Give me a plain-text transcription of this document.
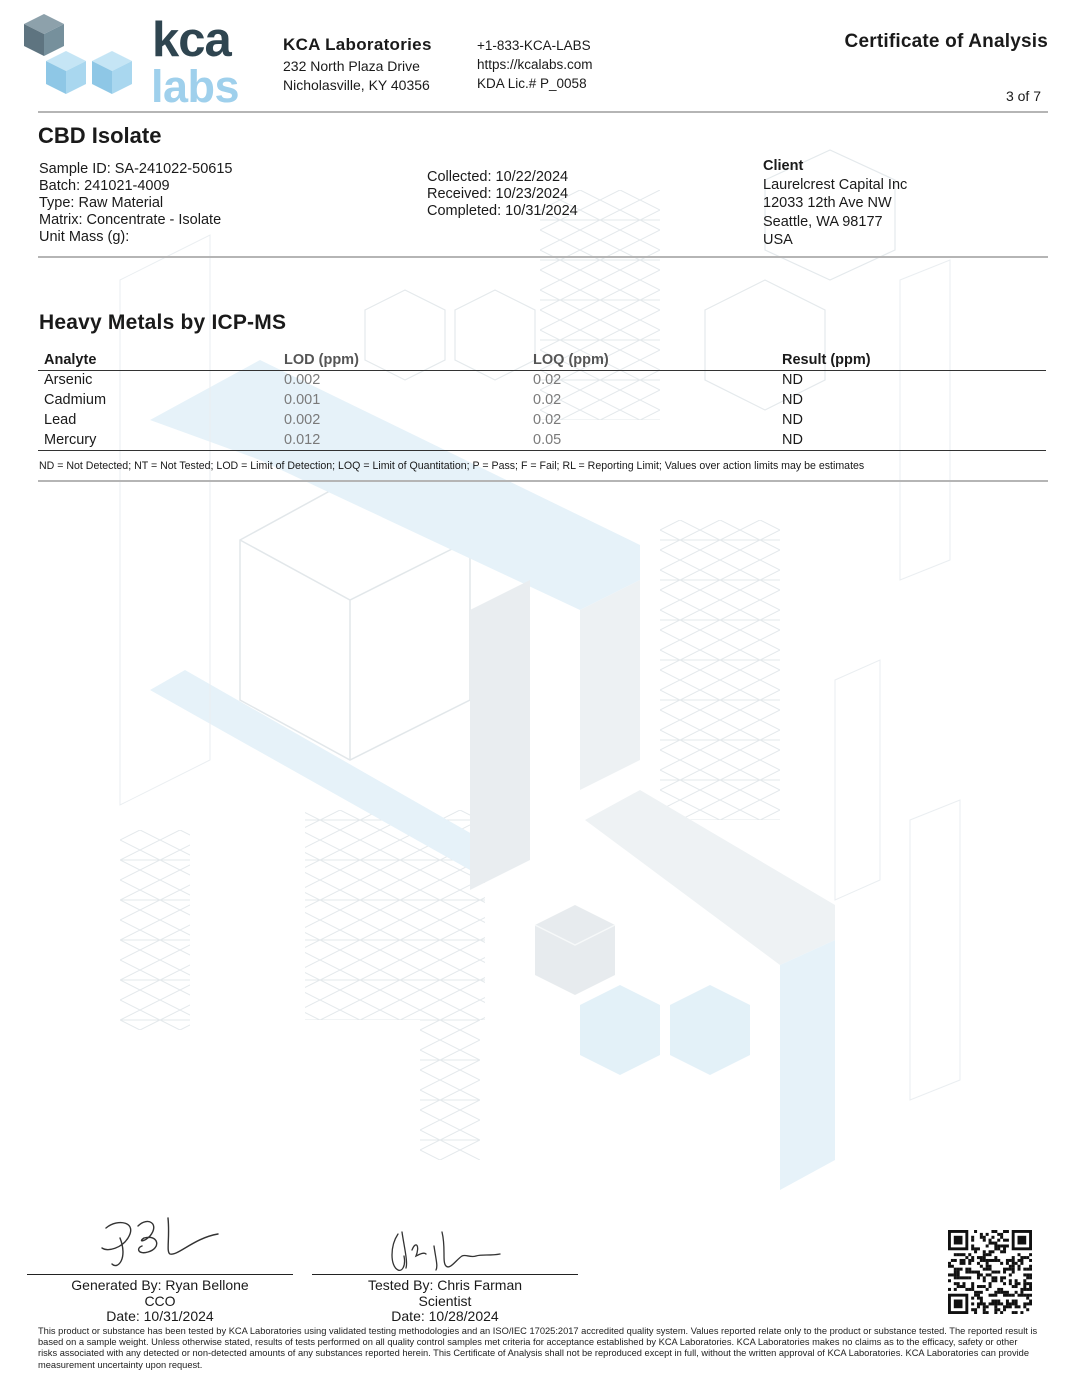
kca
labs
KCA Laboratories
232 North Plaza Drive
Nicholasville, KY 40356
+1-833-KCA-LABS
https://kcalabs.com
KDA Lic.# P_0058
Certificate of Analysis
3 of 7
CBD Isolate
Sample ID: SA-241022-50615
Batch: 241021-4009
Type: Raw Material
Matrix: Concentrate - Isolate
Unit Mass (g):
Collected: 10/22/2024
Received: 10/23/2024
Completed: 10/31/2024
Client
Laurelcrest Capital Inc
12033 12th Ave NW
Seattle, WA 98177
USA
Heavy Metals by ICP-MS
Analyte	LOD (ppm)	LOQ (ppm)	Result (ppm)
Arsenic	0.002	0.02	ND
Cadmium	0.001	0.02	ND
Lead	0.002	0.02	ND
Mercury	0.012	0.05	ND
ND = Not Detected; NT = Not Tested; LOD = Limit of Detection; LOQ = Limit of Quantitation; P = Pass; F = Fail; RL = Reporting Limit; Values over action limits may be estimates
Generated By: Ryan Bellone
CCO
Date: 10/31/2024
Tested By: Chris Farman
Scientist
Date: 10/28/2024
This product or substance has been tested by KCA Laboratories using validated testing methodologies and an ISO/IEC 17025:2017 accredited quality system. Values reported relate only to the product or substance tested. The reported result is based on a sample weight. Unless otherwise stated, results of tests performed on all quality control samples met criteria for acceptance established by KCA Laboratories. KCA Laboratories makes no claims as to the efficacy, safety or other risks associated with any detected or non-detected amounts of any substances reported herein. This Certificate of Analysis shall not be reproduced except in full, without the written approval of KCA Laboratories. KCA Laboratories can provide measurement uncertainty upon request.
